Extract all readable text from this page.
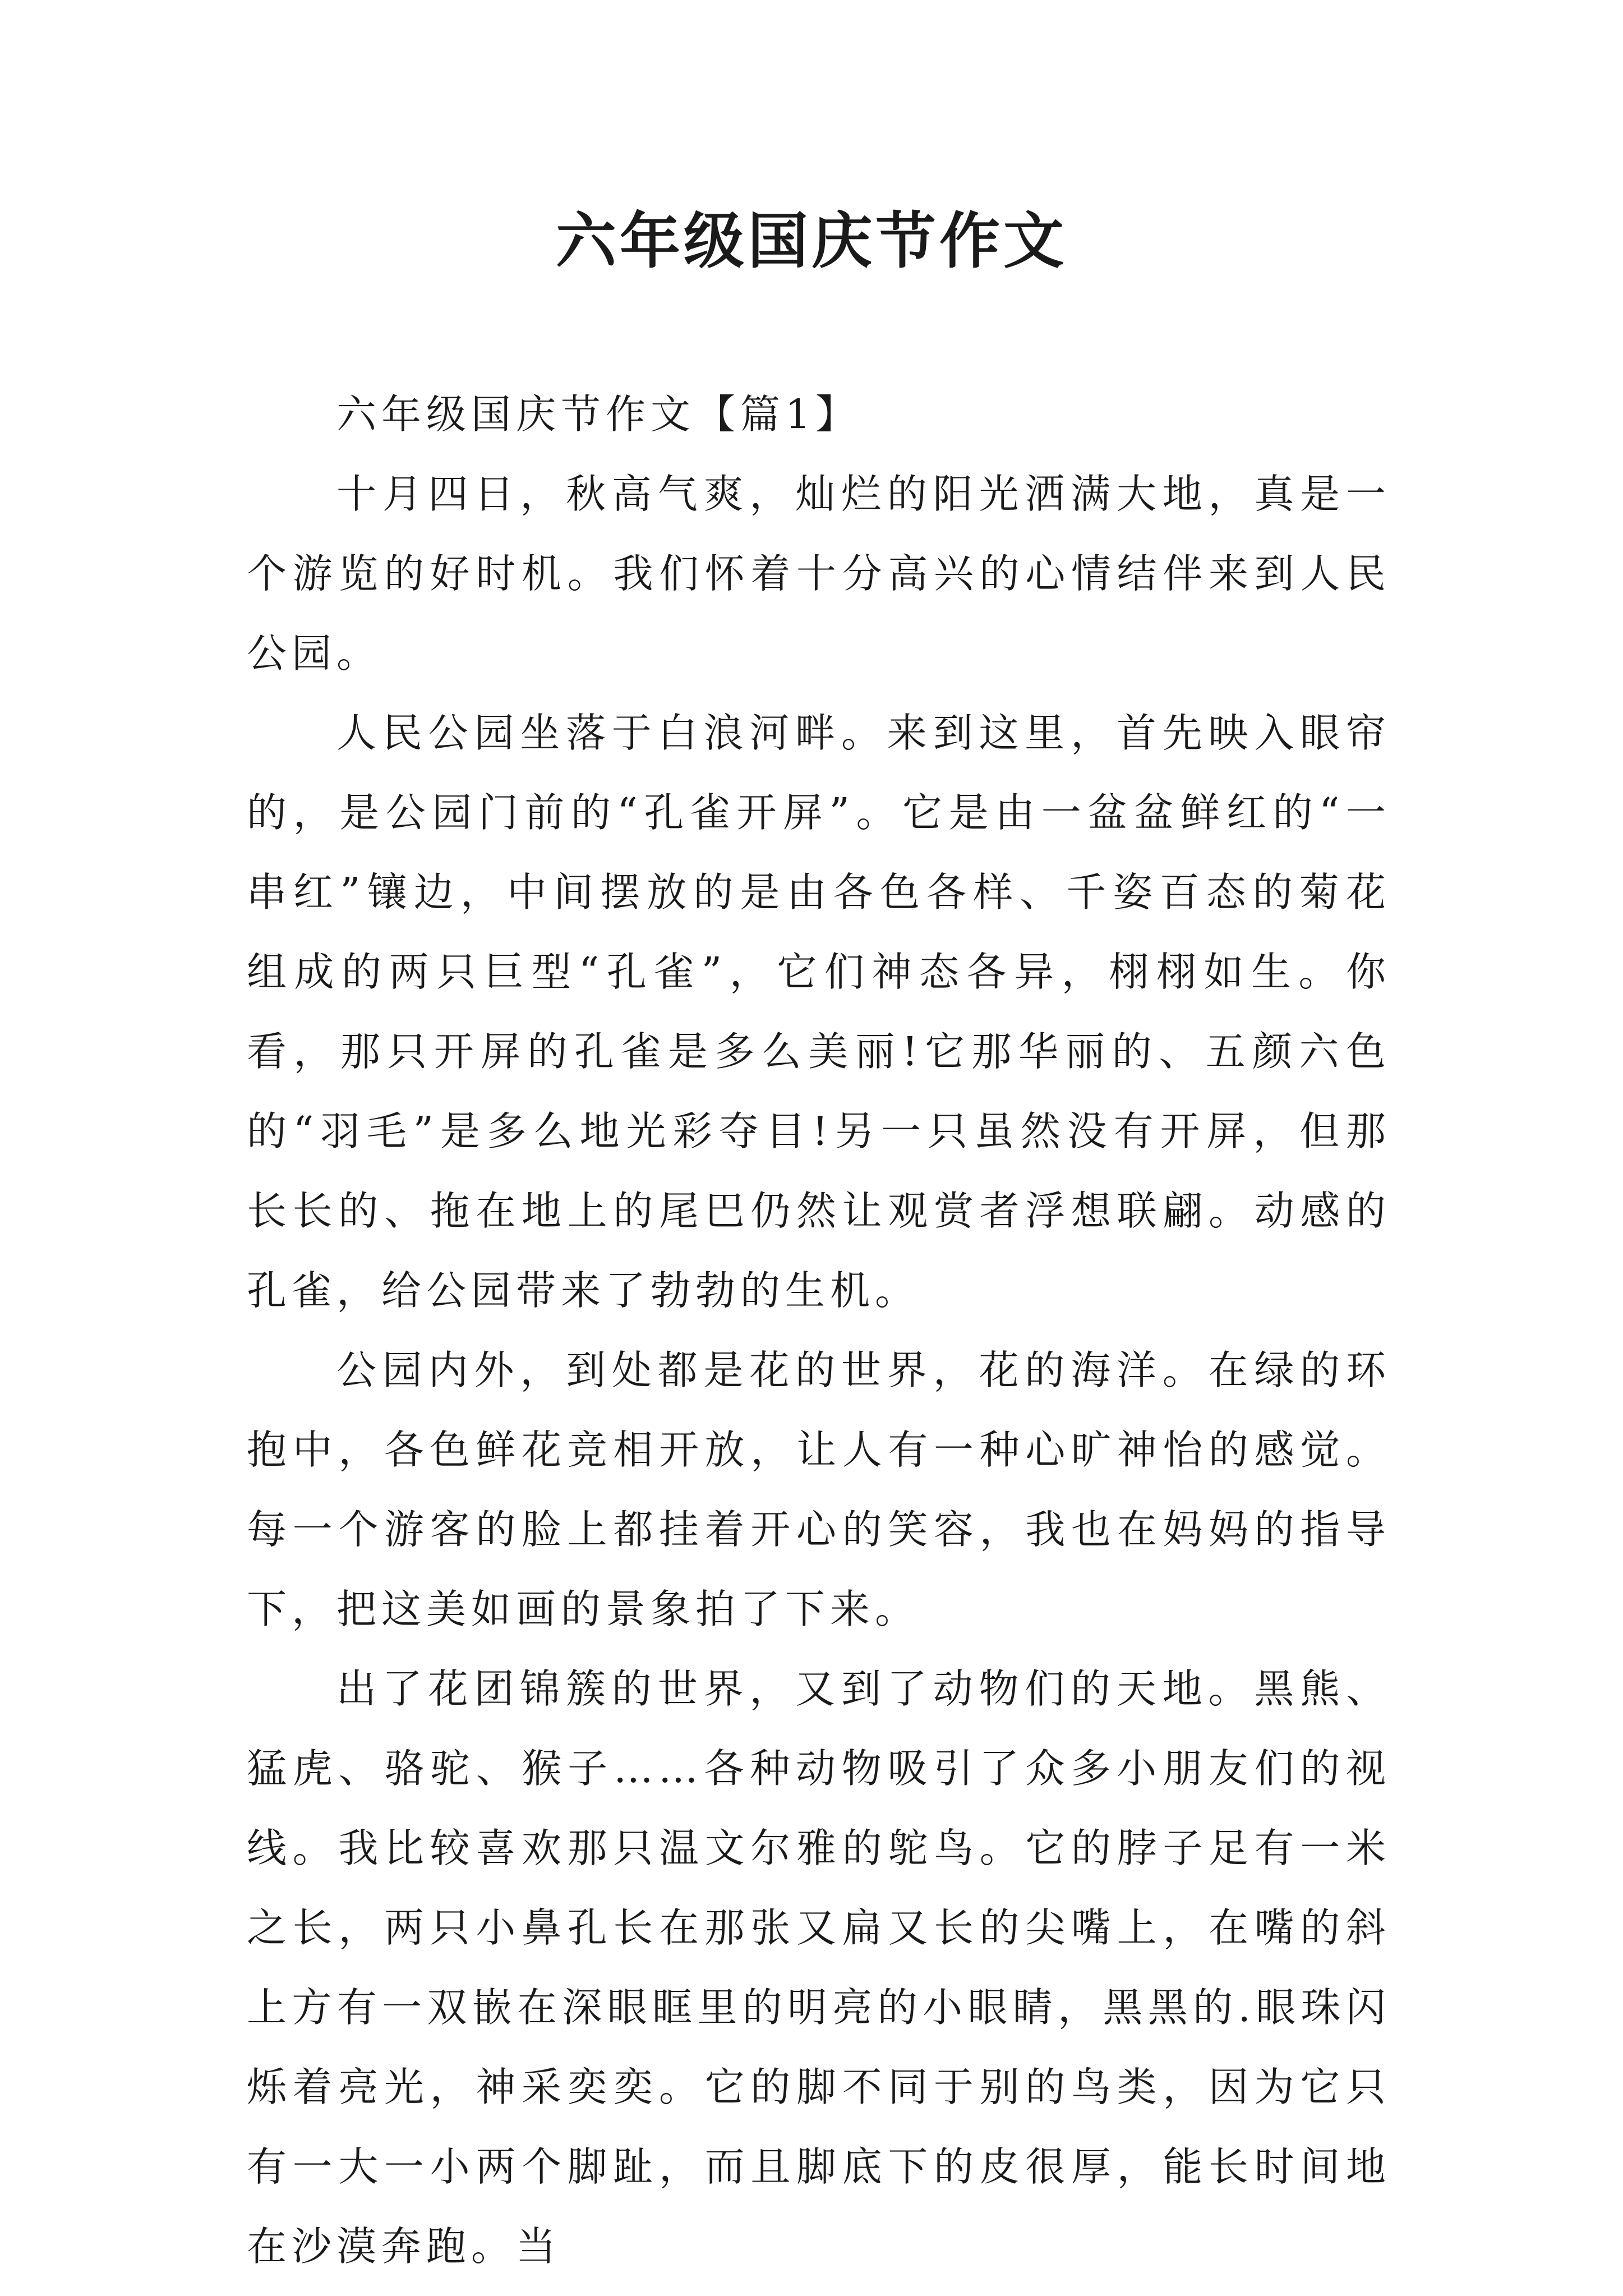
六年级国庆节作文

六年级国庆节作文【篇1】

十月四日，秋高气爽，灿烂的阳光洒满大地，真是一个游览的好时机。我们怀着十分高兴的心情结伴来到人民公园。

人民公园坐落于白浪河畔。来到这里，首先映入眼帘的，是公园门前的“孔雀开屏”。它是由一盆盆鲜红的“一串红”镶边，中间摆放的是由各色各样、千姿百态的菊花组成的两只巨型“孔雀”，它们神态各异，栩栩如生。你看，那只开屏的孔雀是多么美丽!它那华丽的、五颜六色的“羽毛”是多么地光彩夺目!另一只虽然没有开屏，但那长长的、拖在地上的尾巴仍然让观赏者浮想联翩。动感的孔雀，给公园带来了勃勃的生机。

公园内外，到处都是花的世界，花的海洋。在绿的环抱中，各色鲜花竞相开放，让人有一种心旷神怡的感觉。每一个游客的脸上都挂着开心的笑容，我也在妈妈的指导下，把这美如画的景象拍了下来。

出了花团锦簇的世界，又到了动物们的天地。黑熊、猛虎、骆驼、猴子……各种动物吸引了众多小朋友们的视线。我比较喜欢那只温文尔雅的鸵鸟。它的脖子足有一米之长，两只小鼻孔长在那张又扁又长的尖嘴上，在嘴的斜上方有一双嵌在深眼眶里的明亮的小眼睛，黑黑的.眼珠闪烁着亮光，神采奕奕。它的脚不同于别的鸟类，因为它只有一大一小两个脚趾，而且脚底下的皮很厚，能长时间地在沙漠奔跑。当
